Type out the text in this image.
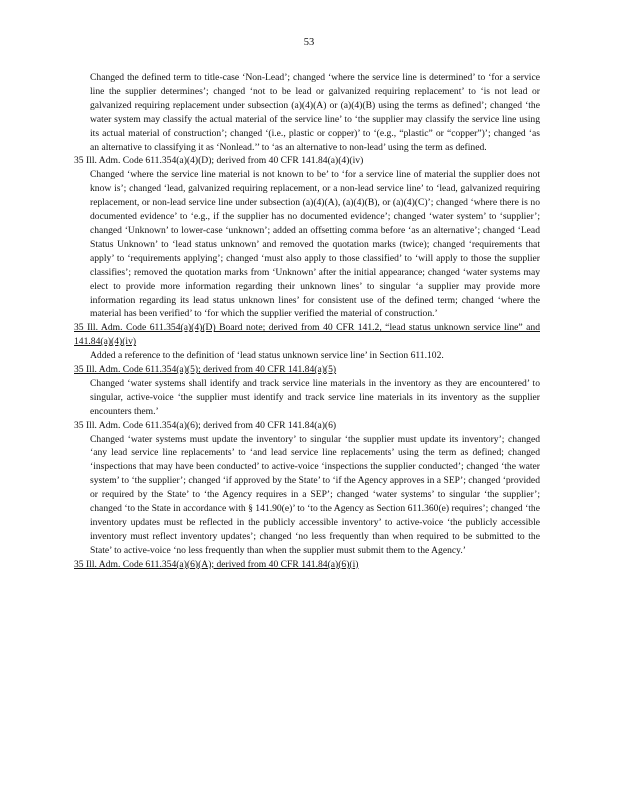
53

Changed the defined term to title-case ‘Non-Lead’; changed ‘where the service line is determined’ to ‘for a service line the supplier determines’; changed ‘not to be lead or galvanized requiring replacement’ to ‘is not lead or galvanized requiring replacement under subsection (a)(4)(A) or (a)(4)(B) using the terms as defined’; changed ‘the water system may classify the actual material of the service line’ to ‘the supplier may classify the service line using its actual material of construction’; changed ‘(i.e., plastic or copper)’ to ‘(e.g., “plastic” or “copper”)’; changed ‘as an alternative to classifying it as ‘Nonlead.’’ to ‘as an alternative to non-lead’ using the term as defined.

35 Ill. Adm. Code 611.354(a)(4)(D); derived from 40 CFR 141.84(a)(4)(iv)

Changed ‘where the service line material is not known to be’ to ‘for a service line of material the supplier does not know is’; changed ‘lead, galvanized requiring replacement, or a non-lead service line’ to ‘lead, galvanized requiring replacement, or non-lead service line under subsection (a)(4)(A), (a)(4)(B), or (a)(4)(C)’; changed ‘where there is no documented evidence’ to ‘e.g., if the supplier has no documented evidence’; changed ‘water system’ to ‘supplier’; changed ‘Unknown’ to lower-case ‘unknown’; added an offsetting comma before ‘as an alternative’; changed ‘Lead Status Unknown’ to ‘lead status unknown’ and removed the quotation marks (twice); changed ‘requirements that apply’ to ‘requirements applying’; changed ‘must also apply to those classified’ to ‘will apply to those the supplier classifies’; removed the quotation marks from ‘Unknown’ after the initial appearance; changed ‘water systems may elect to provide more information regarding their unknown lines’ to singular ‘a supplier may provide more information regarding its lead status unknown lines’ for consistent use of the defined term; changed ‘where the material has been verified’ to ‘for which the supplier verified the material of construction.’

35 Ill. Adm. Code 611.354(a)(4)(D) Board note; derived from 40 CFR 141.2, “lead status unknown service line” and 141.84(a)(4)(iv)

Added a reference to the definition of ‘lead status unknown service line’ in Section 611.102.

35 Ill. Adm. Code 611.354(a)(5); derived from 40 CFR 141.84(a)(5)

Changed ‘water systems shall identify and track service line materials in the inventory as they are encountered’ to singular, active-voice ‘the supplier must identify and track service line materials in its inventory as the supplier encounters them.’

35 Ill. Adm. Code 611.354(a)(6); derived from 40 CFR 141.84(a)(6)

Changed ‘water systems must update the inventory’ to singular ‘the supplier must update its inventory’; changed ‘any lead service line replacements’ to ‘and lead service line replacements’ using the term as defined; changed ‘inspections that may have been conducted’ to active-voice ‘inspections the supplier conducted’; changed ‘the water system’ to ‘the supplier’; changed ‘if approved by the State’ to ‘if the Agency approves in a SEP’; changed ‘provided or required by the State’ to ‘the Agency requires in a SEP’; changed ‘water systems’ to singular ‘the supplier’; changed ‘to the State in accordance with § 141.90(e)’ to ‘to the Agency as Section 611.360(e) requires’; changed ‘the inventory updates must be reflected in the publicly accessible inventory’ to active-voice ‘the publicly accessible inventory must reflect inventory updates’; changed ‘no less frequently than when required to be submitted to the State’ to active-voice ‘no less frequently than when the supplier must submit them to the Agency.’

35 Ill. Adm. Code 611.354(a)(6)(A); derived from 40 CFR 141.84(a)(6)(i)
